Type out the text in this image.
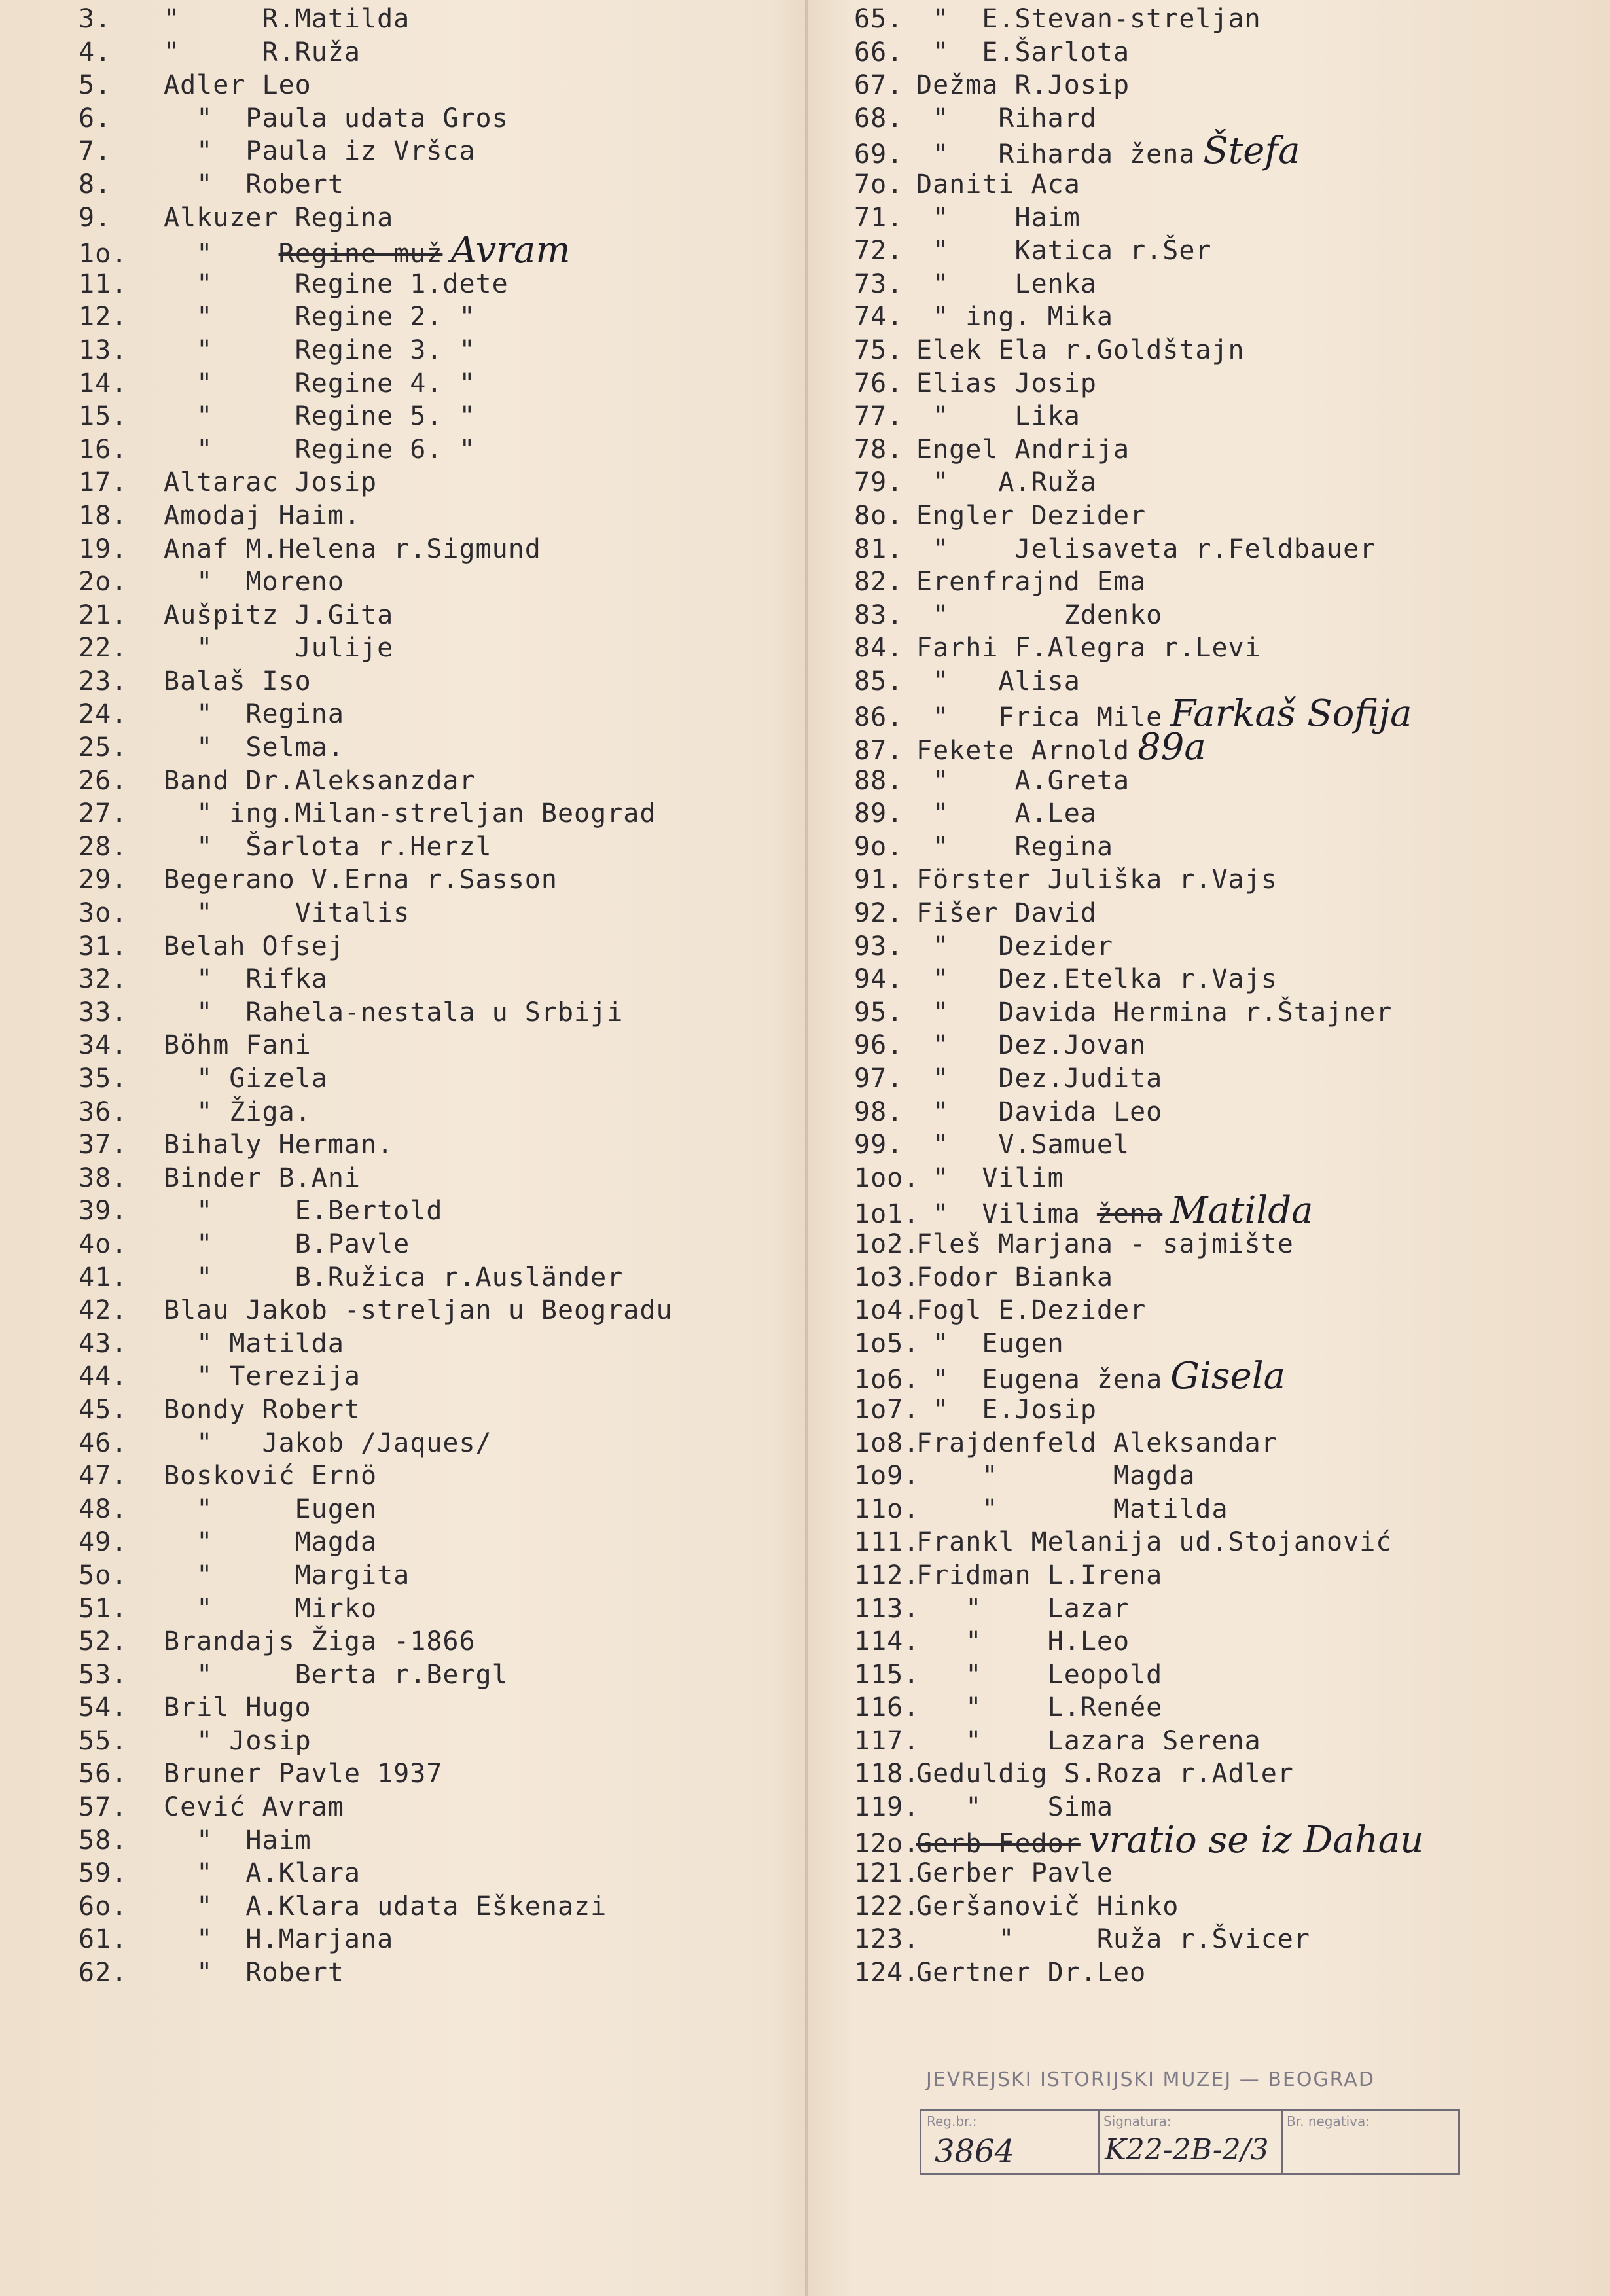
3. "     R.Matilda
4. "     R.Ruža
5. Adler Leo
6.  "  Paula udata Gros
7.  "  Paula iz Vršca
8.  "  Robert
9. Alkuzer Regina
1o.  "    Regine muž Avram
11.  "     Regine 1.dete
12.  "     Regine 2. "
13.  "     Regine 3. "
14.  "     Regine 4. "
15.  "     Regine 5. "
16.  "     Regine 6. "
17. Altarac Josip
18. Amodaj Haim.
19. Anaf M.Helena r.Sigmund
2o.  "  Moreno
21. Aušpitz J.Gita
22.  "     Julije
23. Balaš Iso
24.  "  Regina
25.  "  Selma.
26. Band Dr.Aleksanzdar
27.  " ing.Milan-streljan Beograd
28.  "  Šarlota r.Herzl
29. Begerano V.Erna r.Sasson
3o.  "     Vitalis
31. Belah Ofsej
32.  "  Rifka
33.  "  Rahela-nestala u Srbiji
34. Böhm Fani
35.  " Gizela
36.  " Žiga.
37. Bihaly Herman.
38. Binder B.Ani
39.  "     E.Bertold
4o.  "     B.Pavle
41.  "     B.Ružica r.Ausländer
42. Blau Jakob -streljan u Beogradu
43.  " Matilda
44.  " Terezija
45. Bondy Robert
46.  "   Jakob /Jaques/
47. Bosković Ernö
48.  "     Eugen
49.  "     Magda
5o.  "     Margita
51.  "     Mirko
52. Brandajs Žiga -1866
53.  "     Berta r.Bergl
54. Bril Hugo
55.  " Josip
56. Bruner Pavle 1937
57. Cević Avram
58.  "  Haim
59.  "  A.Klara
6o.  "  A.Klara udata Eškenazi
61.  "  H.Marjana
62.  "  Robert
65. "  E.Stevan-streljan
66. "  E.Šarlota
67. Dežma R.Josip
68. "   Rihard
69. "   Riharda žena Štefa
7o. Daniti Aca
71. "    Haim
72. "    Katica r.Šer
73. "    Lenka
74. " ing. Mika
75. Elek Ela r.Goldštajn
76. Elias Josip
77. "    Lika
78. Engel Andrija
79. "   A.Ruža
8o. Engler Dezider
81. "    Jelisaveta r.Feldbauer
82. Erenfrajnd Ema
83. "       Zdenko
84. Farhi F.Alegra r.Levi
85. "   Alisa
86. "   Frica Mile Farkaš Sofija
87. Fekete Arnold 89a
88. "    A.Greta
89. "    A.Lea
9o. "    Regina
91. Förster Juliška r.Vajs
92. Fišer David
93. "   Dezider
94. "   Dez.Etelka r.Vajs
95. "   Davida Hermina r.Štajner
96. "   Dez.Jovan
97. "   Dez.Judita
98. "   Davida Leo
99. "   V.Samuel
1oo. "  Vilim
1o1. "  Vilima žena Matilda
1o2.Fleš Marjana - sajmište
1o3.Fodor Bianka
1o4.Fogl E.Dezider
1o5. "  Eugen
1o6. "  Eugena žena Gisela
1o7. "  E.Josip
1o8.Frajdenfeld Aleksandar
1o9.    "       Magda
11o.    "       Matilda
111.Frankl Melanija ud.Stojanović
112.Fridman L.Irena
113.   "    Lazar
114.   "    H.Leo
115.   "    Leopold
116.   "    L.Renée
117.   "    Lazara Serena
118.Geduldig S.Roza r.Adler
119.   "    Sima
12o.Gerb Fedor vratio se iz Dahau
121.Gerber Pavle
122.Geršanovič Hinko
123.     "     Ruža r.Švicer
124.Gertner Dr.Leo
JEVREJSKI ISTORIJSKI MUZEJ — BEOGRAD
Reg.br.:
3864
Signatura:
K22-2B-2/3
Br. negativa:
